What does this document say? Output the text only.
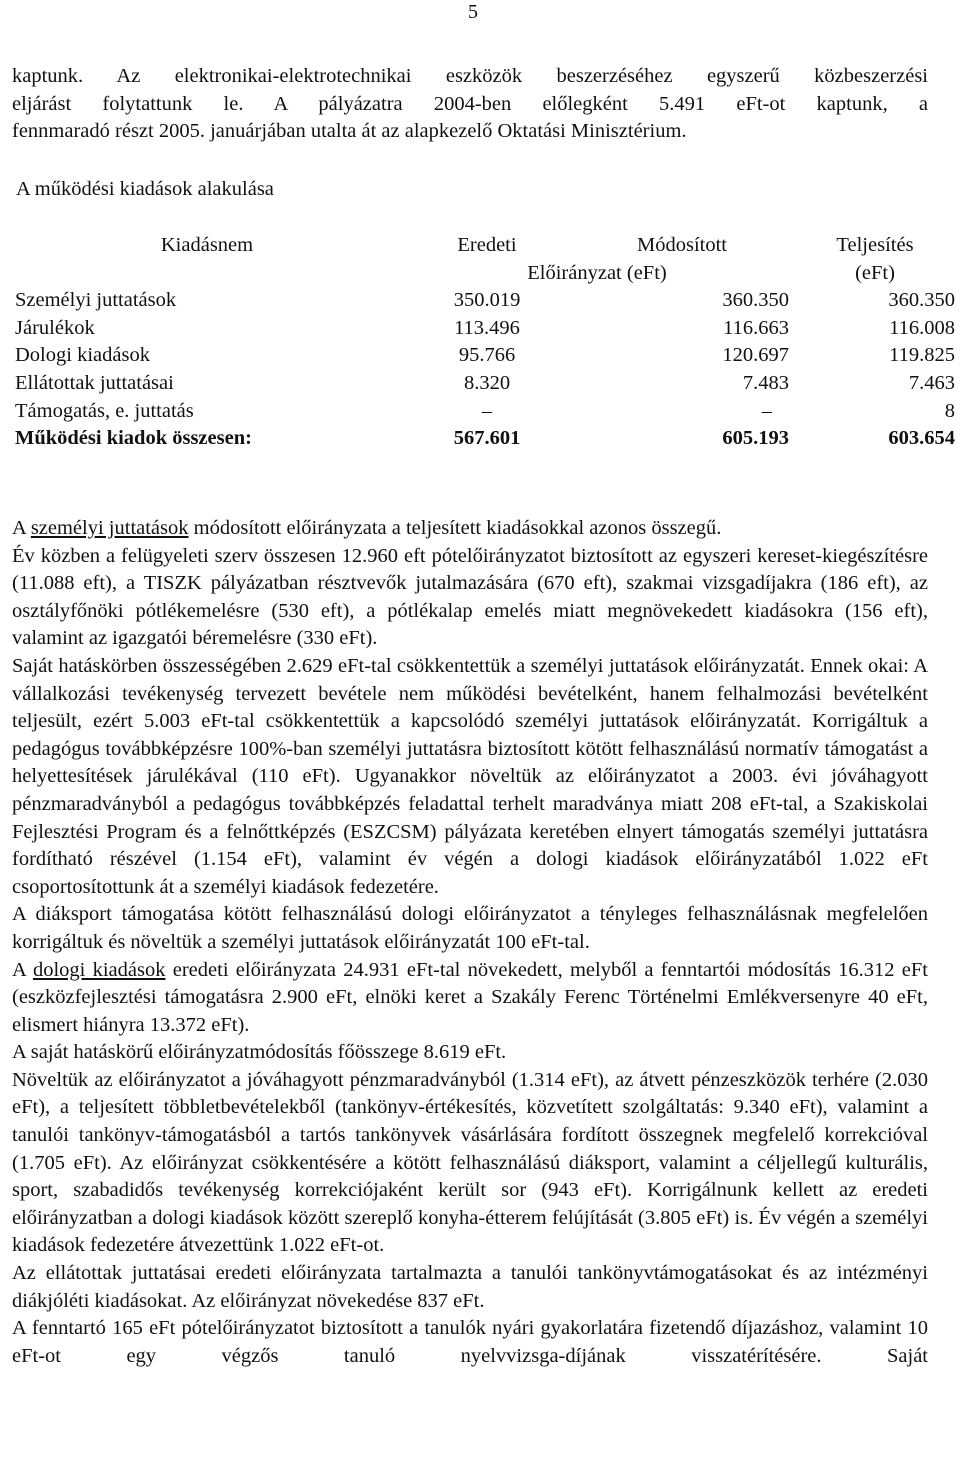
5

kaptunk. Az elektronikai-elektrotechnikai eszközök beszerzéséhez egyszerű közbeszerzési

eljárást folytattunk le. A pályázatra 2004-ben előlegként 5.491 eFt-ot kaptunk, a

fennmaradó részt 2005. januárjában utalta át az alapkezelő Oktatási Minisztérium.

A működési kiadások alakulása
Kiadásnem	Eredeti	Módosított	Teljesítés
	Előirányzat (eFt)		(eFt)
Személyi juttatások	350.019	360.350	360.350
Járulékok	113.496	116.663	116.008
Dologi kiadások	95.766	120.697	119.825
Ellátottak juttatásai	8.320	7.483	7.463
Támogatás, e. juttatás	–	–	8
Működési kiadok összesen:	567.601	605.193	603.654

A személyi juttatások módosított előirányzata a teljesített kiadásokkal azonos összegű.

Év közben a felügyeleti szerv összesen 12.960 eft pótelőirányzatot biztosított az egyszeri kereset-kiegészítésre (11.088 eft), a TISZK pályázatban résztvevők jutalmazására (670 eft), szakmai vizsgadíjakra (186 eft), az osztályfőnöki pótlékemelésre (530 eft), a pótlékalap emelés miatt megnövekedett kiadásokra (156 eft), valamint az igazgatói béremelésre (330 eFt).

Saját hatáskörben összességében 2.629 eFt-tal csökkentettük a személyi juttatások előirányzatát. Ennek okai: A vállalkozási tevékenység tervezett bevétele nem működési bevételként, hanem felhalmozási bevételként teljesült, ezért 5.003 eFt-tal csökkentettük a kapcsolódó személyi juttatások előirányzatát. Korrigáltuk a pedagógus továbbképzésre 100%-ban személyi juttatásra biztosított kötött felhasználású normatív támogatást a helyettesítések járulékával (110 eFt). Ugyanakkor növeltük az előirányzatot a 2003. évi jóváhagyott pénzmaradványból a pedagógus továbbképzés feladattal terhelt maradványa miatt 208 eFt-tal, a Szakiskolai Fejlesztési Program és a felnőttképzés (ESZCSM) pályázata keretében elnyert támogatás személyi juttatásra fordítható részével (1.154 eFt), valamint év végén a dologi kiadások előirányzatából 1.022 eFt csoportosítottunk át a személyi kiadások fedezetére.

A diáksport támogatása kötött felhasználású dologi előirányzatot a tényleges felhasználásnak megfelelően korrigáltuk és növeltük a személyi juttatások előirányzatát 100 eFt-tal.

A dologi kiadások eredeti előirányzata 24.931 eFt-tal növekedett, melyből a fenntartói módosítás 16.312 eFt (eszközfejlesztési támogatásra 2.900 eFt, elnöki keret a Szakály Ferenc Történelmi Emlékversenyre 40 eFt, elismert hiányra 13.372 eFt).

A saját hatáskörű előirányzatmódosítás főösszege 8.619 eFt.

Növeltük az előirányzatot a jóváhagyott pénzmaradványból (1.314 eFt), az átvett pénzeszközök terhére (2.030 eFt), a teljesített többletbevételekből (tankönyv-értékesítés, közvetített szolgáltatás: 9.340 eFt), valamint a tanulói tankönyv-támogatásból a tartós tankönyvek vásárlására fordított összegnek megfelelő korrekcióval (1.705 eFt). Az előirányzat csökkentésére a kötött felhasználású diáksport, valamint a céljellegű kulturális, sport, szabadidős tevékenység korrekciójaként került sor (943 eFt). Korrigálnunk kellett az eredeti előirányzatban a dologi kiadások között szereplő konyha-étterem felújítását (3.805 eFt) is. Év végén a személyi kiadások fedezetére átvezettünk 1.022 eFt-ot.

Az ellátottak juttatásai eredeti előirányzata tartalmazta a tanulói tankönyvtámogatásokat és az intézményi diákjóléti kiadásokat. Az előirányzat növekedése 837 eFt.

A fenntartó 165 eFt pótelőirányzatot biztosított a tanulók nyári gyakorlatára fizetendő díjazáshoz, valamint 10 eFt-ot egy végzős tanuló nyelvvizsga-díjának visszatérítésére. Saját
